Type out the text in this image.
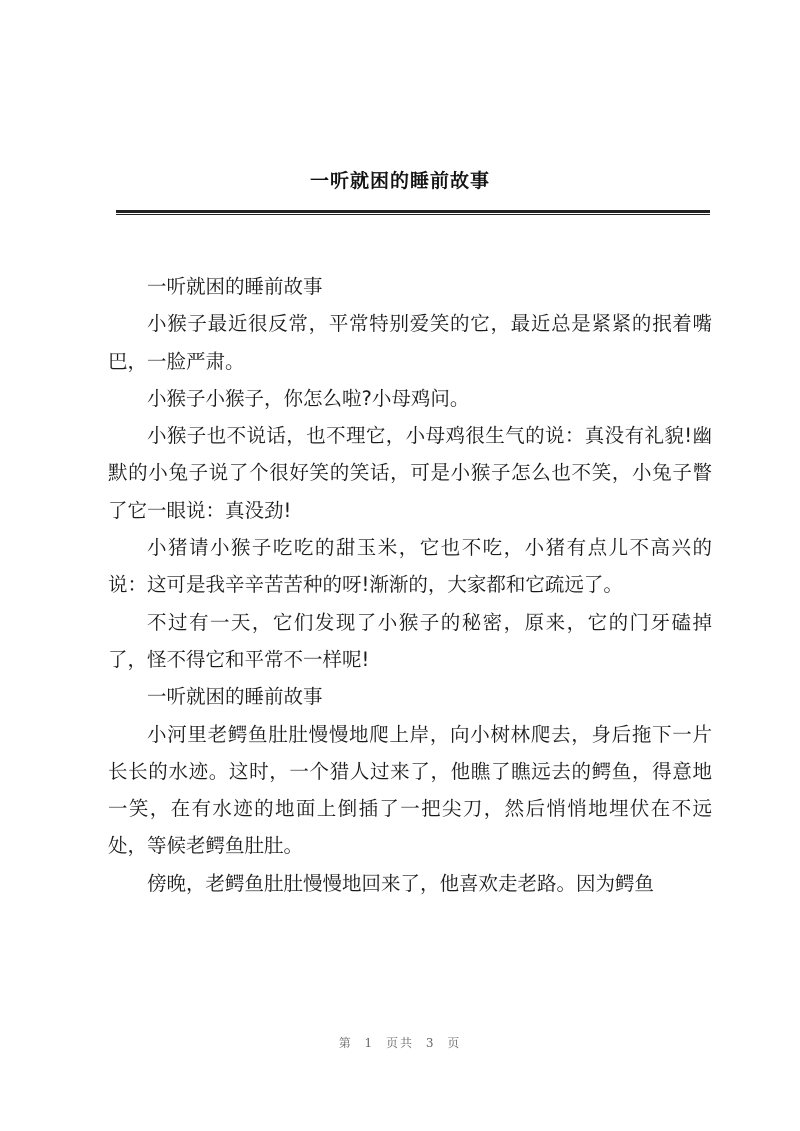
一听就困的睡前故事

一听就困的睡前故事

小猴子最近很反常，平常特别爱笑的它，最近总是紧紧的抿着嘴巴，一脸严肃。

小猴子小猴子，你怎么啦?小母鸡问。

小猴子也不说话，也不理它，小母鸡很生气的说：真没有礼貌!幽默的小兔子说了个很好笑的笑话，可是小猴子怎么也不笑，小兔子瞥了它一眼说：真没劲!

小猪请小猴子吃吃的甜玉米，它也不吃，小猪有点儿不高兴的说：这可是我辛辛苦苦种的呀!渐渐的，大家都和它疏远了。

不过有一天，它们发现了小猴子的秘密，原来，它的门牙磕掉了，怪不得它和平常不一样呢!

一听就困的睡前故事

小河里老鳄鱼肚肚慢慢地爬上岸，向小树林爬去，身后拖下一片长长的水迹。这时，一个猎人过来了，他瞧了瞧远去的鳄鱼，得意地一笑，在有水迹的地面上倒插了一把尖刀，然后悄悄地埋伏在不远处，等候老鳄鱼肚肚。

傍晚，老鳄鱼肚肚慢慢地回来了，他喜欢走老路。因为鳄鱼

第 1 页共 3 页
